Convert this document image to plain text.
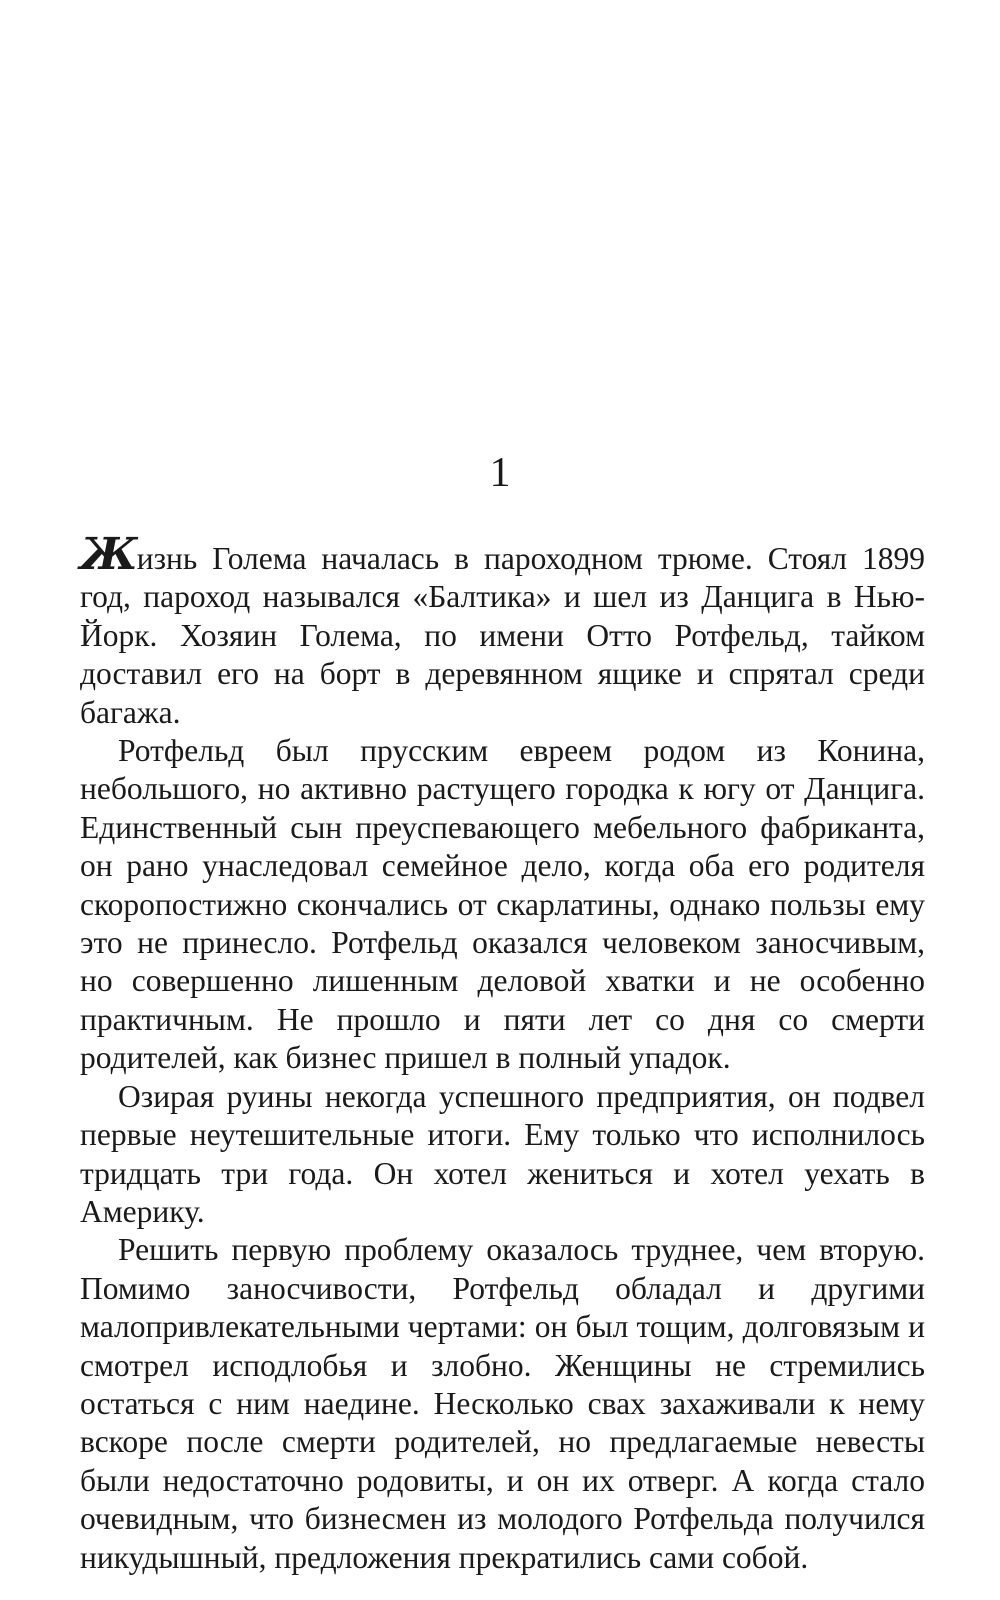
1

Жизнь Голема началась в пароходном трюме. Стоял 1899 год, пароход назывался «Балтика» и шел из Данцига в Нью-Йорк. Хозяин Голема, по имени Отто Ротфельд, тайком доставил его на борт в деревянном ящике и спрятал среди багажа.

Ротфельд был прусским евреем родом из Конина, небольшого, но активно растущего городка к югу от Данцига. Единственный сын преуспевающего мебельного фабриканта, он рано унаследовал семейное дело, когда оба его родителя скоропостижно скончались от скарлатины, однако пользы ему это не принесло. Ротфельд оказался человеком заносчивым, но совершенно лишенным деловой хватки и не особенно практичным. Не прошло и пяти лет со дня со смерти родителей, как бизнес пришел в полный упадок.

Озирая руины некогда успешного предприятия, он подвел первые неутешительные итоги. Ему только что исполнилось тридцать три года. Он хотел жениться и хотел уехать в Америку.

Решить первую проблему оказалось труднее, чем вторую. Помимо заносчивости, Ротфельд обладал и другими малопривлекательными чертами: он был тощим, долговязым и смотрел исподлобья и злобно. Женщины не стремились остаться с ним наедине. Несколько свах захаживали к нему вскоре после смерти родителей, но предлагаемые невесты были недостаточно родовиты, и он их отверг. А когда стало очевидным, что бизнесмен из молодого Ротфельда получился никудышный, предложения прекратились сами собой.
